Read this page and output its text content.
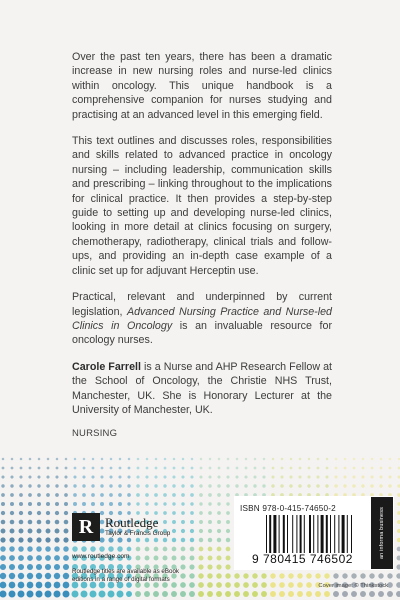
Over the past ten years, there has been a dramatic increase in new nursing roles and nurse-led clinics within oncology. This unique handbook is a comprehensive companion for nurses studying and practising at an advanced level in this emerging field.

This text outlines and discusses roles, responsibilities and skills related to advanced practice in oncology nursing – including leadership, communication skills and prescribing – linking throughout to the implications for clinical practice. It then provides a step-by-step guide to setting up and developing nurse-led clinics, looking in more detail at clinics focusing on surgery, chemotherapy, radiotherapy, clinical trials and follow-ups, and providing an in-depth case example of a clinic set up for adjuvant Herceptin use.

Practical, relevant and underpinned by current legislation, Advanced Nursing Practice and Nurse-led Clinics in Oncology is an invaluable resource for oncology nurses.

Carole Farrell is a Nurse and AHP Research Fellow at the School of Oncology, the Christie NHS Trust, Manchester, UK. She is Honorary Lecturer at the University of Manchester, UK.

NURSING

R Routledge
Taylor & Francis Group
www.routledge.com
Routledge titles are available as eBook editions in a range of digital formats
ISBN 978-0-415-74650-2
9 780415 746502	an informa business
Cover image: © Thinkstock
